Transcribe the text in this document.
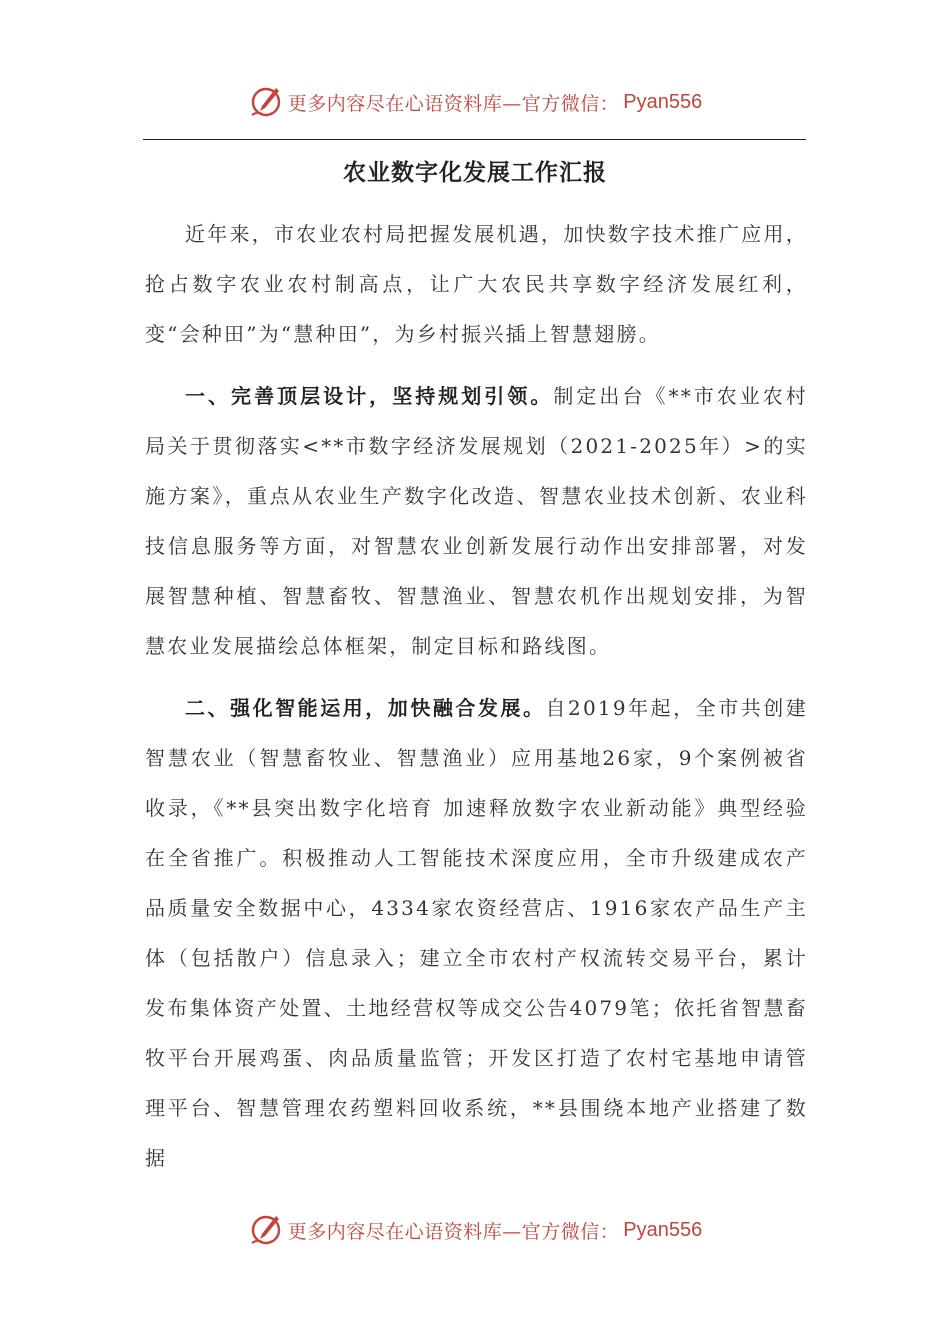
更多内容尽在心语资料库—官方微信： Pyan556
农业数字化发展工作汇报

近年来，市农业农村局把握发展机遇，加快数字技术推广应用，抢占数字农业农村制高点，让广大农民共享数字经济发展红利，变“会种田”为“慧种田”，为乡村振兴插上智慧翅膀。

一、完善顶层设计，坚持规划引领。制定出台《**市农业农村局关于贯彻落实<**市数字经济发展规划（2021-2025年）>的实施方案》，重点从农业生产数字化改造、智慧农业技术创新、农业科技信息服务等方面，对智慧农业创新发展行动作出安排部署，对发展智慧种植、智慧畜牧、智慧渔业、智慧农机作出规划安排，为智慧农业发展描绘总体框架，制定目标和路线图。

二、强化智能运用，加快融合发展。自2019年起，全市共创建智慧农业（智慧畜牧业、智慧渔业）应用基地26家，9个案例被省收录，《**县突出数字化培育 加速释放数字农业新动能》典型经验在全省推广。积极推动人工智能技术深度应用，全市升级建成农产品质量安全数据中心，4334家农资经营店、1916家农产品生产主体（包括散户）信息录入；建立全市农村产权流转交易平台，累计发布集体资产处置、土地经营权等成交公告4079笔；依托省智慧畜牧平台开展鸡蛋、肉品质量监管；开发区打造了农村宅基地申请管理平台、智慧管理农药塑料回收系统，**县围绕本地产业搭建了数据

更多内容尽在心语资料库—官方微信： Pyan556
